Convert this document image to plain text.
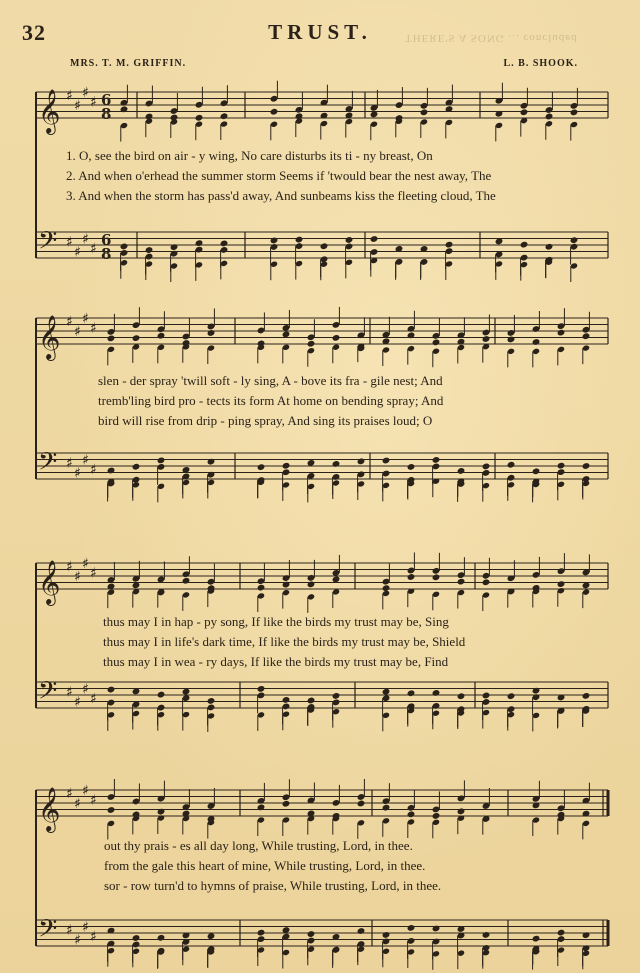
32	TRUST.	THERE'S A SONG ... concluded
MRS. T. M. GRIFFIN.	L. B. SHOOK.
𝄞 ♯
♯
♯
♯
𝄢 ♯
♯
♯
♯
𝄞 ♯
♯
♯
♯
𝄢 ♯
♯
♯
♯
𝄞 ♯
♯
♯
♯
𝄢 ♯
♯
♯
♯
𝄞 ♯
♯
♯
♯
𝄢 ♯
♯
♯
♯
6
8
6
8
1. O, see the bird on air - y wing, No care disturbs its ti - ny breast, On
2. And when o'erhead the summer storm Seems if 'twould bear the nest away, The
3. And when the storm has pass'd away, And sunbeams kiss the fleeting cloud, The
slen - der spray 'twill soft - ly sing, A - bove its fra - gile nest; And
tremb'ling bird pro - tects its form At home on bending spray; And
bird will rise from drip - ping spray, And sing its praises loud; O
thus may I in hap - py song, If like the birds my trust may be, Sing
thus may I in life's dark time, If like the birds my trust may be, Shield
thus may I in wea - ry days, If like the birds my trust may be, Find
out thy prais - es all day long, While trusting, Lord, in thee.
from the gale this heart of mine, While trusting, Lord, in thee.
sor - row turn'd to hymns of praise, While trusting, Lord, in thee.
